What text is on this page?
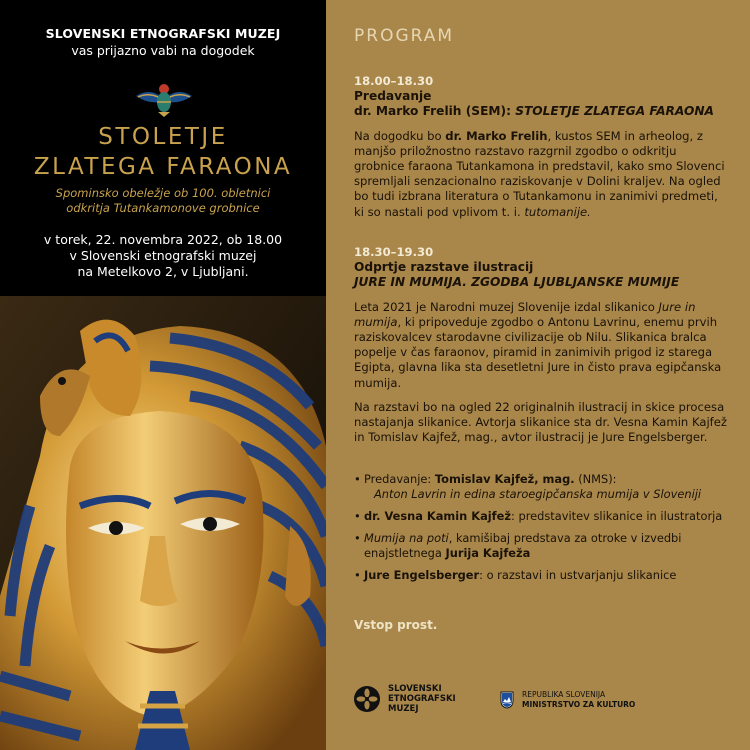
SLOVENSKI ETNOGRAFSKI MUZEJ
vas prijazno vabi na dogodek
STOLETJE
ZLATEGA FARAONA
Spominsko obeležje ob 100. obletnici
odkritja Tutankamonove grobnice
v torek, 22. novembra 2022, ob 18.00
v Slovenski etnografski muzej
na Metelkovo 2, v Ljubljani.
PROGRAM
18.00–18.30
Predavanje
dr. Marko Frelih (SEM): STOLETJE ZLATEGA FARAONA
Na dogodku bo dr. Marko Frelih, kustos SEM in arheolog, z manjšo priložnostno razstavo razgrnil zgodbo o odkritju grobnice faraona Tutankamona in predstavil, kako smo Slovenci spremljali senzacionalno raziskovanje v Dolini kraljev. Na ogled bo tudi izbrana literatura o Tutankamonu in zanimivi predmeti, ki so nastali pod vplivom t. i. tutomanije.
18.30–19.30
Odprtje razstave ilustracij
JURE IN MUMIJA. ZGODBA LJUBLJANSKE MUMIJE
Leta 2021 je Narodni muzej Slovenije izdal slikanico Jure in mumija, ki pripoveduje zgodbo o Antonu Lavrinu, enemu prvih raziskovalcev starodavne civilizacije ob Nilu. Slikanica bralca popelje v čas faraonov, piramid in zanimivih prigod iz starega Egipta, glavna lika sta desetletni Jure in čisto prava egipčanska mumija.
Na razstavi bo na ogled 22 originalnih ilustracij in skice procesa nastajanja slikanice. Avtorja slikanice sta dr. Vesna Kamin Kajfež in Tomislav Kajfež, mag., avtor ilustracij je Jure Engelsberger.
• Predavanje: Tomislav Kajfež, mag. (NMS):
Anton Lavrin in edina staroegipčanska mumija v Sloveniji
• dr. Vesna Kamin Kajfež: predstavitev slikanice in ilustratorja
• Mumija na poti, kamišibaj predstava za otroke v izvedbi enajstletnega Jurija Kajfeža
• Jure Engelsberger: o razstavi in ustvarjanju slikanice
Vstop prost.
SLOVENSKI
ETNOGRAFSKI
MUZEJ
REPUBLIKA SLOVENIJA
MINISTRSTVO ZA KULTURO
